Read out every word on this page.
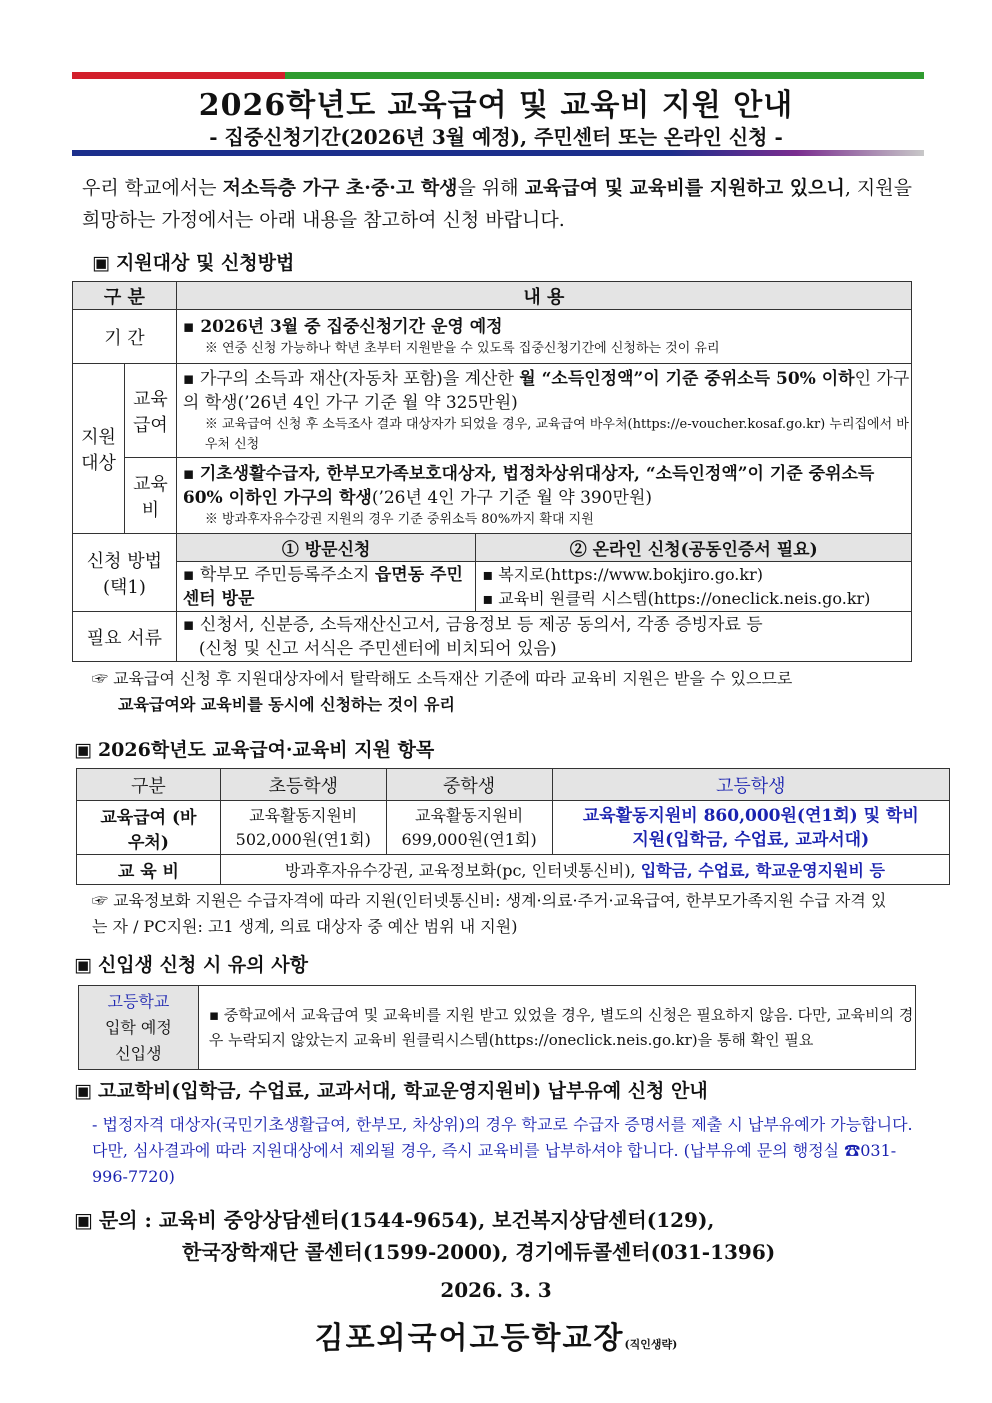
2026학년도 교육급여 및 교육비 지원 안내
- 집중신청기간(2026년 3월 예정), 주민센터 또는 온라인 신청 -
우리 학교에서는 저소득층 가구 초·중·고 학생을 위해 교육급여 및 교육비를 지원하고 있으니, 지원을 희망하는 가정에서는 아래 내용을 참고하여 신청 바랍니다.
▣ 지원대상 및 신청방법
구 분		내 용	
기 간		▪ 2026년 3월 중 집중신청기간 운영 예정
※ 연중 신청 가능하나 학년 초부터 지원받을 수 있도록 집중신청기간에 신청하는 것이 유리	

지원 대상	교육 급여	▪ 가구의 소득과 재산(자동차 포함)을 계산한 월 “소득인정액”이 기준 중위소득 50% 이하인 가구의 학생(’26년 4인 가구 기준 월 약 325만원)
※ 교육급여 신청 후 소득조사 결과 대상자가 되었을 경우, 교육급여 바우처(https://e-voucher.kosaf.go.kr) 누리집에서 바우처 신청	

	교육 비	▪ 기초생활수급자, 한부모가족보호대상자, 법정차상위대상자, “소득인정액”이 기준 중위소득 60% 이하인 가구의 학생(’26년 4인 가구 기준 월 약 390만원)
※ 방과후자유수강권 지원의 경우 기준 중위소득 80%까지 확대 지원	

신청 방법 (택1)		① 방문신청	② 온라인 신청(공동인증서 필요)

		▪ 학부모 주민등록주소지 읍면동 주민센터 방문	▪ 복지로(https://www.bokjiro.go.kr)
▪ 교육비 원클릭 시스템(https://oneclick.neis.go.kr)

필요 서류		▪ 신청서, 신분증, 소득재산신고서, 금융정보 등 제공 동의서, 각종 증빙자료 등
(신청 및 신고 서식은 주민센터에 비치되어 있음)	
☞ 교육급여 신청 후 지원대상자에서 탈락해도 소득재산 기준에 따라 교육비 지원은 받을 수 있으므로
교육급여와 교육비를 동시에 신청하는 것이 유리
▣ 2026학년도 교육급여·교육비 지원 항목
구분	초등학생	중학생	고등학생
교육급여 (바우처)	교육활동지원비 502,000원(연1회)	교육활동지원비 699,000원(연1회)	교육활동지원비 860,000원(연1회) 및 학비지원(입학금, 수업료, 교과서대)
교 육 비	방과후자유수강권, 교육정보화(pc, 인터넷통신비), 입학금, 수업료, 학교운영지원비 등		
☞ 교육정보화 지원은 수급자격에 따라 지원(인터넷통신비: 생계·의료·주거·교육급여, 한부모가족지원 수급 자격 있는 자 / PC지원: 고1 생계, 의료 대상자 중 예산 범위 내 지원)
▣ 신입생 신청 시 유의 사항
고등학교
입학 예정
신입생
	▪ 중학교에서 교육급여 및 교육비를 지원 받고 있었을 경우, 별도의 신청은 필요하지 않음. 다만, 교육비의 경우 누락되지 않았는지 교육비 원클릭시스템(https://oneclick.neis.go.kr)을 통해 확인 필요
▣ 고교학비(입학금, 수업료, 교과서대, 학교운영지원비) 납부유예 신청 안내
- 법정자격 대상자(국민기초생활급여, 한부모, 차상위)의 경우 학교로 수급자 증명서를 제출 시 납부유예가 가능합니다. 다만, 심사결과에 따라 지원대상에서 제외될 경우, 즉시 교육비를 납부하셔야 합니다. (납부유예 문의 행정실 ☎031-996-7720)
▣ 문의 : 교육비 중앙상담센터(1544-9654), 보건복지상담센터(129),
한국장학재단 콜센터(1599-2000), 경기에듀콜센터(031-1396)
2026. 3. 3
김포외국어고등학교장(직인생략)
